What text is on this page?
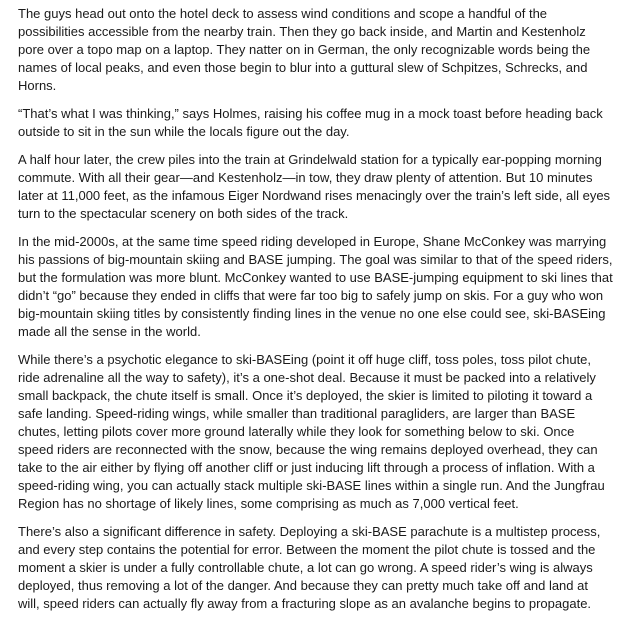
The guys head out onto the hotel deck to assess wind conditions and scope a handful of the possibilities accessible from the nearby train. Then they go back inside, and Martin and Kestenholz pore over a topo map on a laptop. They natter on in German, the only recognizable words being the names of local peaks, and even those begin to blur into a guttural slew of Schpitzes, Schrecks, and Horns.

“That’s what I was thinking,” says Holmes, raising his coffee mug in a mock toast before heading back outside to sit in the sun while the locals figure out the day.

A half hour later, the crew piles into the train at Grindelwald station for a typically ear-popping morning commute. With all their gear—and Kestenholz—in tow, they draw plenty of attention. But 10 minutes later at 11,000 feet, as the infamous Eiger Nordwand rises menacingly over the train’s left side, all eyes turn to the spectacular scenery on both sides of the track.

In the mid-2000s, at the same time speed riding developed in Europe, Shane McConkey was marrying his passions of big-mountain skiing and BASE jumping. The goal was similar to that of the speed riders, but the formulation was more blunt. McConkey wanted to use BASE-jumping equipment to ski lines that didn’t “go” because they ended in cliffs that were far too big to safely jump on skis. For a guy who won big-mountain skiing titles by consistently finding lines in the venue no one else could see, ski-BASEing made all the sense in the world.

While there’s a psychotic elegance to ski-BASEing (point it off huge cliff, toss poles, toss pilot chute, ride adrenaline all the way to safety), it’s a one-shot deal. Because it must be packed into a relatively small backpack, the chute itself is small. Once it’s deployed, the skier is limited to piloting it toward a safe landing. Speed-riding wings, while smaller than traditional paragliders, are larger than BASE chutes, letting pilots cover more ground laterally while they look for something below to ski. Once speed riders are reconnected with the snow, because the wing remains deployed overhead, they can take to the air either by flying off another cliff or just inducing lift through a process of inflation. With a speed-riding wing, you can actually stack multiple ski-BASE lines within a single run. And the Jungfrau Region has no shortage of likely lines, some comprising as much as 7,000 vertical feet.

There’s also a significant difference in safety. Deploying a ski-BASE parachute is a multistep process, and every step contains the potential for error. Between the moment the pilot chute is tossed and the moment a skier is under a fully controllable chute, a lot can go wrong. A speed rider’s wing is always deployed, thus removing a lot of the danger. And because they can pretty much take off and land at will, speed riders can actually fly away from a fracturing slope as an avalanche begins to propagate.
